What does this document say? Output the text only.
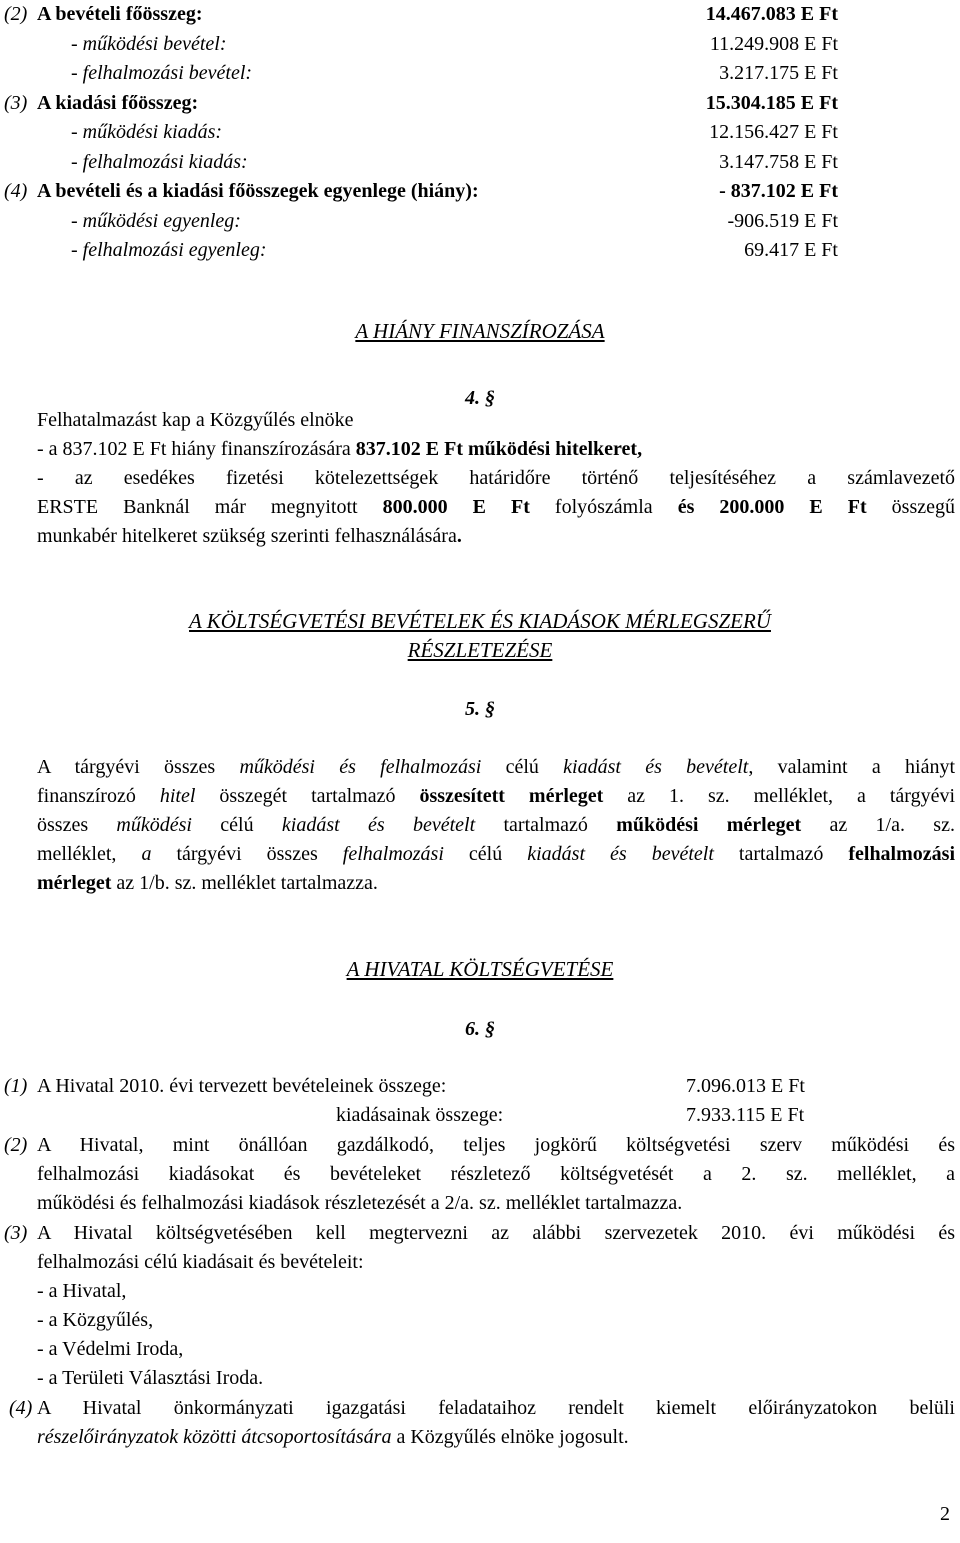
(2) A bevételi főösszeg:	14.467.083 E Ft
- működési bevétel:	11.249.908 E Ft
- felhalmozási bevétel:	3.217.175 E Ft
(3) A kiadási főösszeg:	15.304.185 E Ft
- működési kiadás:	12.156.427 E Ft
- felhalmozási kiadás:	3.147.758 E Ft
(4) A bevételi és a kiadási főösszegek egyenlege (hiány):	- 837.102 E Ft
- működési egyenleg:	-906.519 E Ft
- felhalmozási egyenleg:	69.417 E Ft
A HIÁNY FINANSZÍROZÁSA
4. §
Felhatalmazást kap a Közgyűlés elnöke
- a 837.102 E Ft hiány finanszírozására 837.102 E Ft működési hitelkeret,
- az esedékes fizetési kötelezettségek határidőre történő teljesítéséhez a számlavezető
ERSTE Banknál már megnyitott 800.000 E Ft folyószámla és 200.000 E Ft összegű
munkabér hitelkeret szükség szerinti felhasználására.
A KÖLTSÉGVETÉSI BEVÉTELEK ÉS KIADÁSOK MÉRLEGSZERŰ
RÉSZLETEZÉSE
5. §
A tárgyévi összes működési és felhalmozási célú kiadást és bevételt, valamint a hiányt
finanszírozó hitel összegét tartalmazó összesített mérleget az 1. sz. melléklet, a tárgyévi
összes működési célú kiadást és bevételt tartalmazó működési mérleget az 1/a. sz.
melléklet, a tárgyévi összes felhalmozási célú kiadást és bevételt tartalmazó felhalmozási
mérleget az 1/b. sz. melléklet tartalmazza.
A HIVATAL KÖLTSÉGVETÉSE
6. §
(1) A Hivatal 2010. évi tervezett bevételeinek összege:	7.096.013 E Ft
kiadásainak összege:	7.933.115 E Ft
(2) A Hivatal, mint önállóan gazdálkodó, teljes jogkörű költségvetési szerv működési és
felhalmozási kiadásokat és bevételeket részletező költségvetését a 2. sz. melléklet, a
működési és felhalmozási kiadások részletezését a 2/a. sz. melléklet tartalmazza.
(3) A Hivatal költségvetésében kell megtervezni az alábbi szervezetek 2010. évi működési és
felhalmozási célú kiadásait és bevételeit:
- a Hivatal,
- a Közgyűlés,
- a Védelmi Iroda,
- a Területi Választási Iroda.
(4) A Hivatal önkormányzati igazgatási feladataihoz rendelt kiemelt előirányzatokon belüli
részelőirányzatok közötti átcsoportosítására a Közgyűlés elnöke jogosult.
2
